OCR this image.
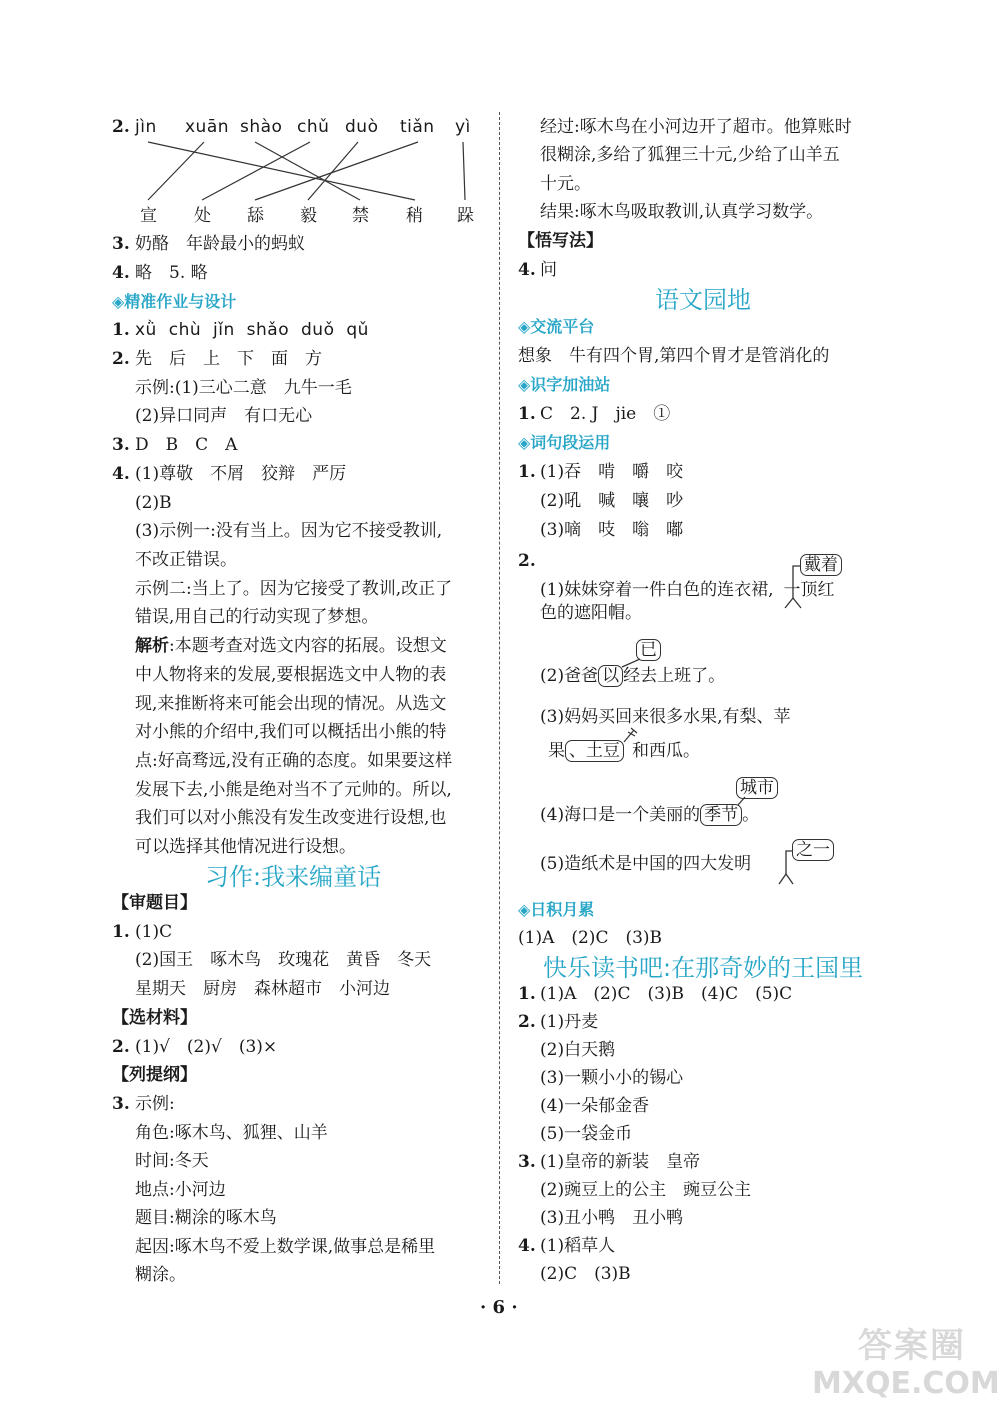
2. jìn xuān shào chǔ duò tiǎn yì
宣 处 舔 毅 禁 稍 跺
3. 奶酪　年龄最小的蚂蚁
4. 略　5. 略
◈精准作业与设计
1. xǜ chù jǐn shǎo duǒ qǔ
2. 先　后　上　下　面　方
示例:(1)三心二意　九牛一毛
(2)异口同声　有口无心
3. D　B　C　A
4. (1)尊敬　不屑　狡辩　严厉
(2)B
(3)示例一:没有当上。因为它不接受教训,
不改正错误。
示例二:当上了。因为它接受了教训,改正了
错误,用自己的行动实现了梦想。
解析:本题考查对选文内容的拓展。设想文
中人物将来的发展,要根据选文中人物的表
现,来推断将来可能会出现的情况。从选文
对小熊的介绍中,我们可以概括出小熊的特
点:好高骛远,没有正确的态度。如果要这样
发展下去,小熊是绝对当不了元帅的。所以,
我们可以对小熊没有发生改变进行设想,也
可以选择其他情况进行设想。
习作:我来编童话
【审题目】
1. (1)C
(2)国王　啄木鸟　玫瑰花　黄昏　冬天
星期天　厨房　森林超市　小河边
【选材料】
2. (1)√　(2)√　(3)×
【列提纲】
3. 示例:
角色:啄木鸟、狐狸、山羊
时间:冬天
地点:小河边
题目:糊涂的啄木鸟
起因:啄木鸟不爱上数学课,做事总是稀里
糊涂。
经过:啄木鸟在小河边开了超市。他算账时
很糊涂,多给了狐狸三十元,少给了山羊五
十元。
结果:啄木鸟吸取教训,认真学习数学。
【悟写法】
4. 问
语文园地
◈交流平台
想象　牛有四个胃,第四个胃才是管消化的
◈识字加油站
1. C　2. J　jie　①
◈词句段运用
1. (1)吞　啃　嚼　咬
(2)吼　喊　嚷　吵
(3)嘀　吱　嗡　嘟
2.	戴着
(1)妹妹穿着一件白色的连衣裙, 一顶红
色的遮阳帽。
已
(2)爸爸 以 经去上班了。
(3)妈妈买回来很多水果,有梨、苹
果 、土豆 和西瓜。
城市
(4)海口是一个美丽的 季节 。
之一
(5)造纸术是中国的四大发明
◈日积月累
(1)A　(2)C　(3)B
快乐读书吧:在那奇妙的王国里
1. (1)A　(2)C　(3)B　(4)C　(5)C
2. (1)丹麦
(2)白天鹅
(3)一颗小小的锡心
(4)一朵郁金香
(5)一袋金币
3. (1)皇帝的新装　皇帝
(2)豌豆上的公主　豌豆公主
(3)丑小鸭　丑小鸭
4. (1)稻草人
(2)C　(3)B
· 6 ·
答案圈
MXQE.COM
